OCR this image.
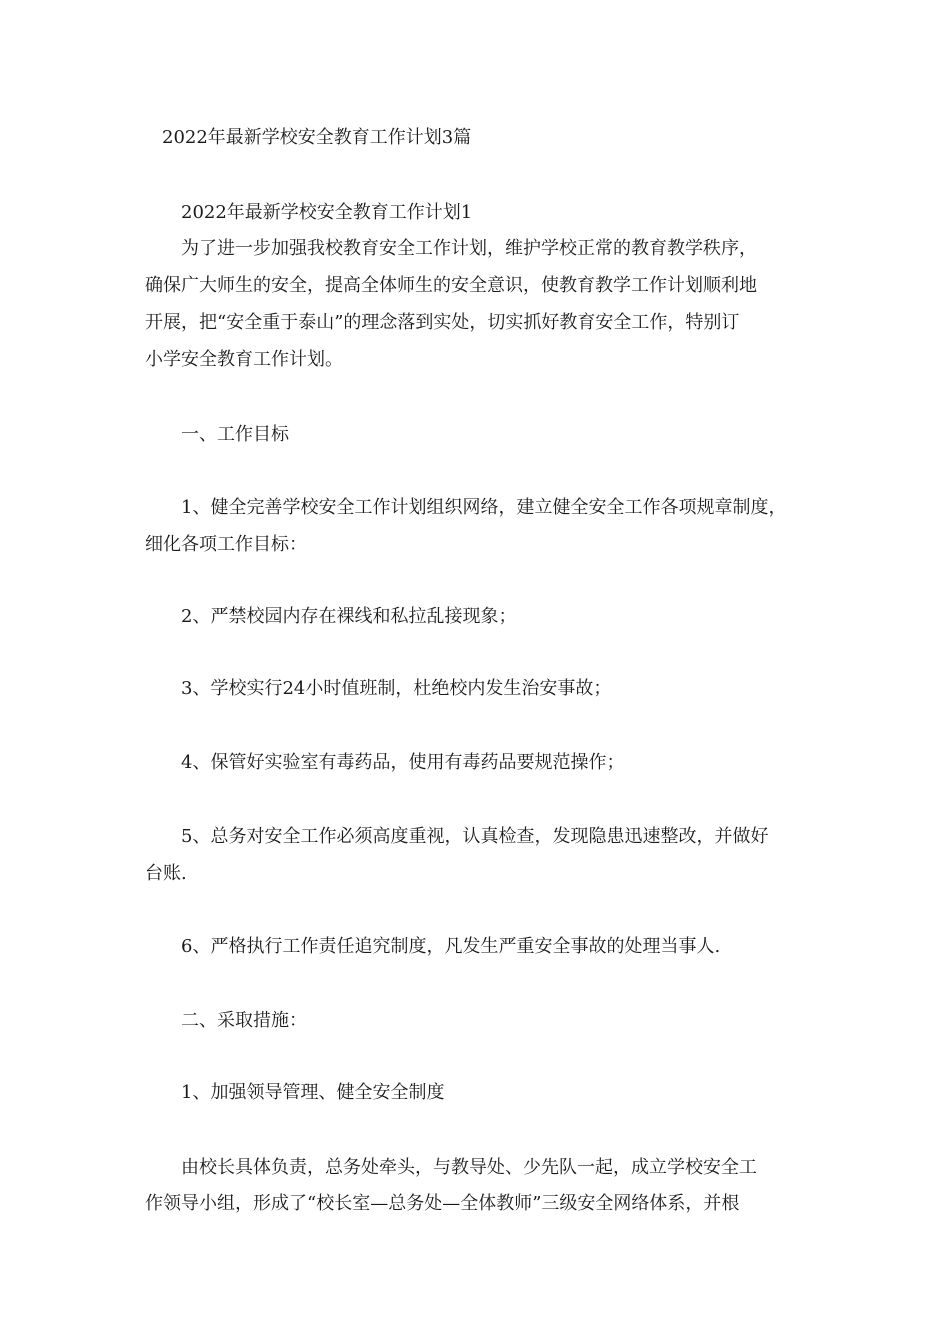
2022年最新学校安全教育工作计划3篇
2022年最新学校安全教育工作计划1
为了进一步加强我校教育安全工作计划，维护学校正常的教育教学秩序，
确保广大师生的安全，提高全体师生的安全意识，使教育教学工作计划顺利地
开展，把“安全重于泰山”的理念落到实处，切实抓好教育安全工作，特别订
小学安全教育工作计划。
一、工作目标
1、健全完善学校安全工作计划组织网络，建立健全安全工作各项规章制度，
细化各项工作目标：
2、严禁校园内存在裸线和私拉乱接现象；
3、学校实行24小时值班制，杜绝校内发生治安事故；
4、保管好实验室有毒药品，使用有毒药品要规范操作；
5、总务对安全工作必须高度重视，认真检查，发现隐患迅速整改，并做好
台账.
6、严格执行工作责任追究制度，凡发生严重安全事故的处理当事人.
二、采取措施：
1、加强领导管理、健全安全制度
由校长具体负责，总务处牵头，与教导处、少先队一起，成立学校安全工
作领导小组，形成了“校长室—总务处—全体教师”三级安全网络体系，并根
